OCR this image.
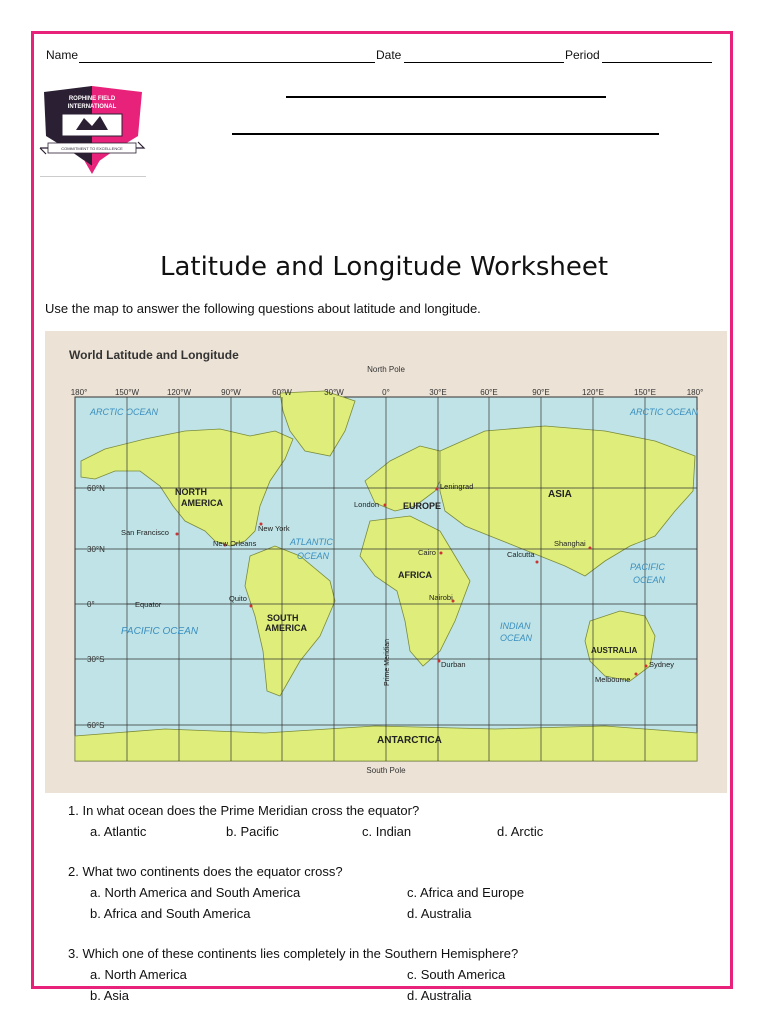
Name	Date	Period
ROPHINE FIELD
INTERNATIONAL
COMMITMENT TO EXCELLENCE
Latitude and Longitude Worksheet
Use the map to answer the following questions about latitude and longitude.
World Latitude and Longitude
North Pole
South Pole
180°	150°W	120°W	90°W	60°W	30°W	0°	30°E	60°E	90°E	120°E	150°E	180°
60°N
30°N
0°
30°S
60°S
ARCTIC OCEAN	ARCTIC OCEAN
ATLANTIC
OCEAN
PACIFIC OCEAN
PACIFIC
OCEAN
INDIAN
OCEAN
NORTH
AMERICA
SOUTH
AMERICA
EUROPE
ASIA
AFRICA
AUSTRALIA
ANTARCTICA
San Francisco	New York
New Orleans
Quito
London
Leningrad
Cairo
Nairobi
Durban
Calcutta
Shanghai
Sydney
Melbourne
Equator
Prime Meridian
1. In what ocean does the Prime Meridian cross the equator?
a. Atlantic	b. Pacific	c. Indian	d. Arctic
2. What two continents does the equator cross?
a. North America and South America	c. Africa and Europe
b. Africa and South America	d. Australia
3. Which one of these continents lies completely in the Southern Hemisphere?
a. North America	c. South America
b. Asia	d. Australia
